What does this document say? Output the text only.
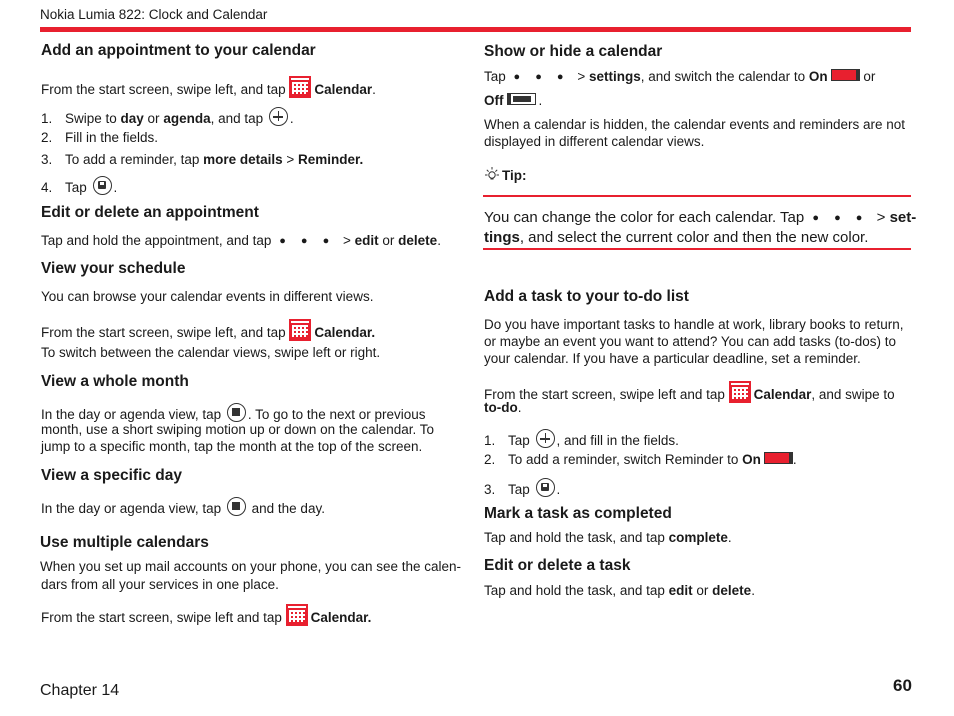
Nokia Lumia 822: Clock and Calendar
Add an appointment to your calendar
From the start screen, swipe left, and tap Calendar.
1. Swipe to day or agenda, and tap .
2. Fill in the fields.
3. To add a reminder, tap more details > Reminder.
4. Tap .
Edit or delete an appointment
Tap and hold the appointment, and tap ● ● ● > edit or delete.
View your schedule
You can browse your calendar events in different views.
From the start screen, swipe left, and tap Calendar.
To switch between the calendar views, swipe left or right.
View a whole month
In the day or agenda view, tap . To go to the next or previous
month, use a short swiping motion up or down on the calendar. To
jump to a specific month, tap the month at the top of the screen.
View a specific day
In the day or agenda view, tap  and the day.
Use multiple calendars
When you set up mail accounts on your phone, you can see the calen-
dars from all your services in one place.
From the start screen, swipe left and tap Calendar.
Show or hide a calendar
Tap ● ● ● > settings, and switch the calendar to On or
Off	.
When a calendar is hidden, the calendar events and reminders are not
displayed in different calendar views.
Tip:
You can change the color for each calendar. Tap ● ● ● > set-
tings, and select the current color and then the new color.
Add a task to your to-do list
Do you have important tasks to handle at work, library books to return,
or maybe an event you want to attend? You can add tasks (to-dos) to
your calendar. If you have a particular deadline, set a reminder.
From the start screen, swipe left and tap Calendar, and swipe to
to-do.
1. Tap , and fill in the fields.
2. To add a reminder, switch Reminder to On .
3. Tap .
Mark a task as completed
Tap and hold the task, and tap complete.
Edit or delete a task
Tap and hold the task, and tap edit or delete.
Chapter 14	60
